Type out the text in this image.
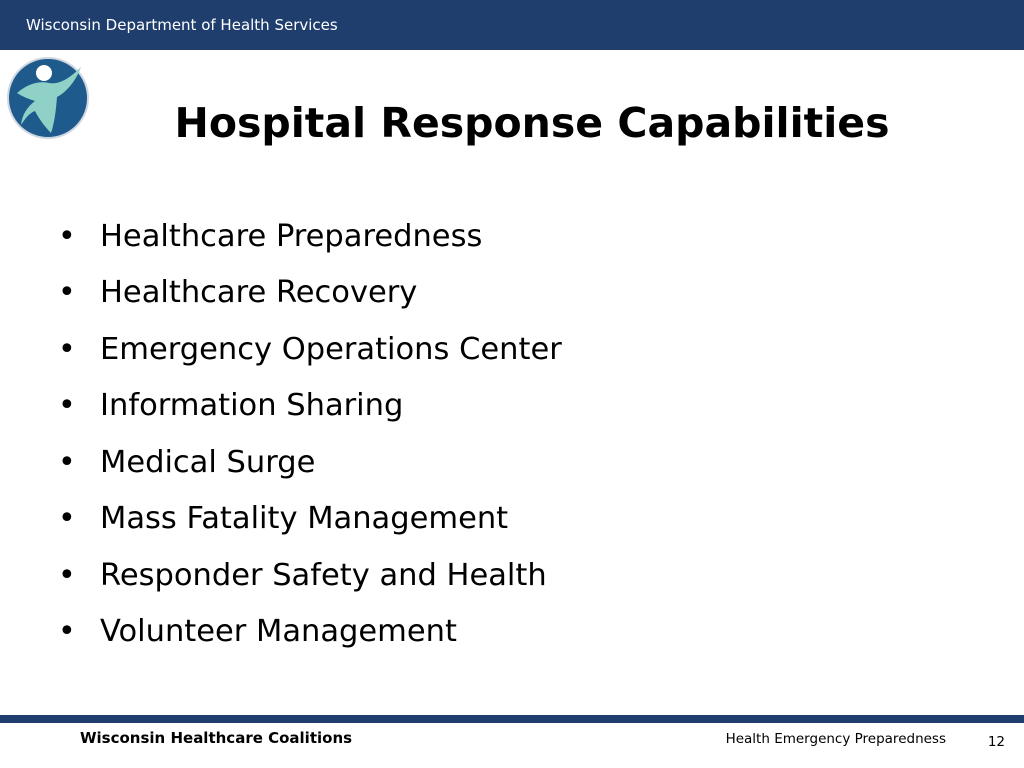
Wisconsin Department of Health Services
Hospital Response Capabilities
• Healthcare Preparedness
• Healthcare Recovery
• Emergency Operations Center
• Information Sharing
• Medical Surge
• Mass Fatality Management
• Responder Safety and Health
• Volunteer Management
Wisconsin Healthcare Coalitions	Health Emergency Preparedness	12
